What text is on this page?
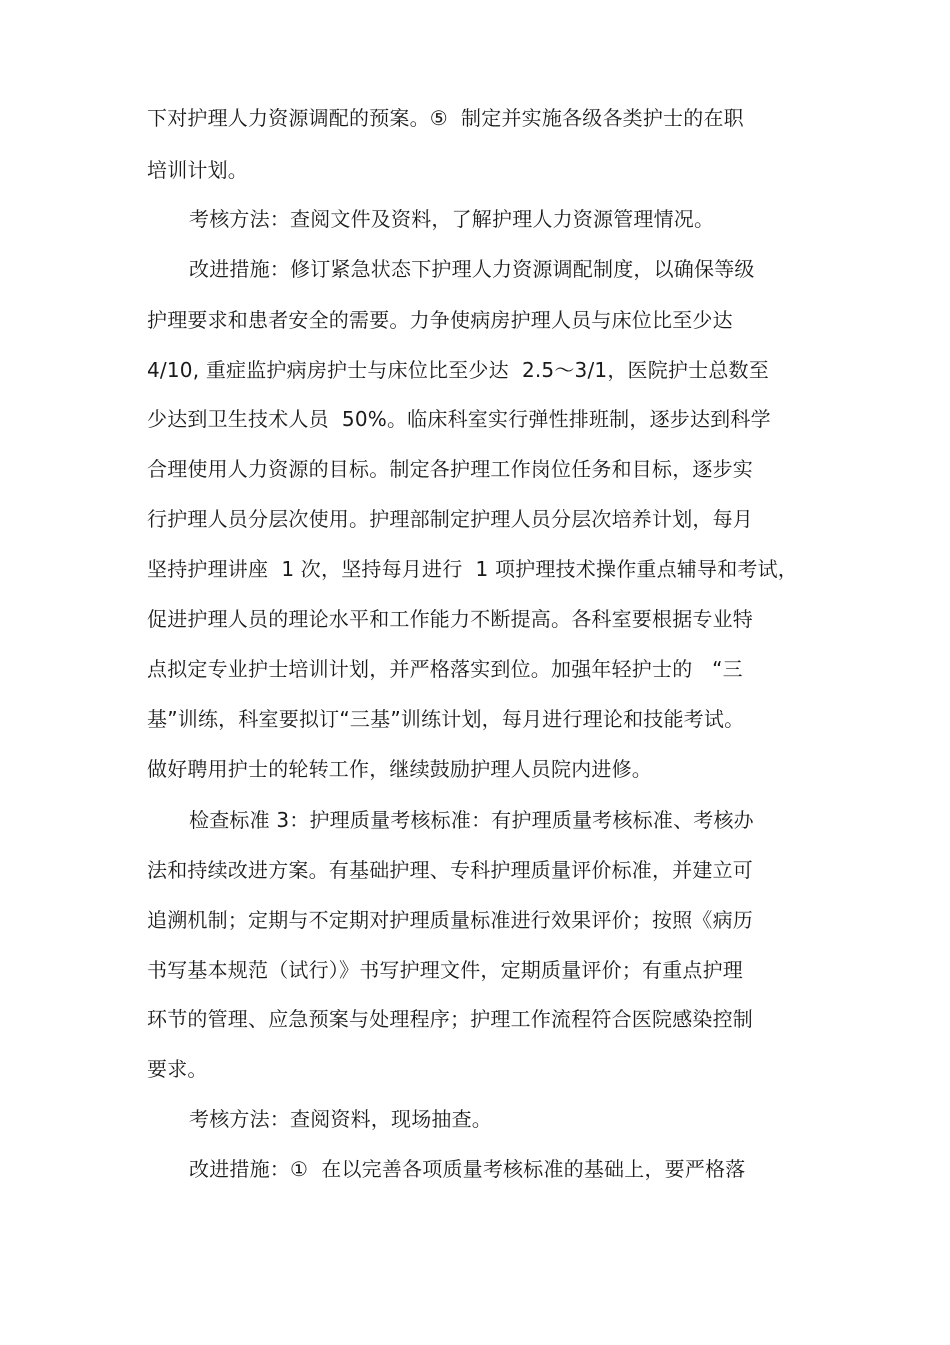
下对护理人力资源调配的预案。⑤  制定并实施各级各类护士的在职
培训计划。
考核方法：查阅文件及资料，了解护理人力资源管理情况。
改进措施：修订紧急状态下护理人力资源调配制度，以确保等级
护理要求和患者安全的需要。力争使病房护理人员与床位比至少达
4/10, 重症监护病房护士与床位比至少达  2.5～3/1，医院护士总数至
少达到卫生技术人员  50%。临床科室实行弹性排班制，逐步达到科学
合理使用人力资源的目标。制定各护理工作岗位任务和目标，逐步实
行护理人员分层次使用。护理部制定护理人员分层次培养计划，每月
坚持护理讲座  1 次，坚持每月进行  1 项护理技术操作重点辅导和考试，
促进护理人员的理论水平和工作能力不断提高。各科室要根据专业特
点拟定专业护士培训计划，并严格落实到位。加强年轻护士的   “三
基”训练，科室要拟订“三基”训练计划，每月进行理论和技能考试。
做好聘用护士的轮转工作，继续鼓励护理人员院内进修。
检查标准 3：护理质量考核标准：有护理质量考核标准、考核办
法和持续改进方案。有基础护理、专科护理质量评价标准，并建立可
追溯机制；定期与不定期对护理质量标准进行效果评价；按照《病历
书写基本规范（试行）》书写护理文件，定期质量评价；有重点护理
环节的管理、应急预案与处理程序；护理工作流程符合医院感染控制
要求。
考核方法：查阅资料，现场抽查。
改进措施：①  在以完善各项质量考核标准的基础上，要严格落
